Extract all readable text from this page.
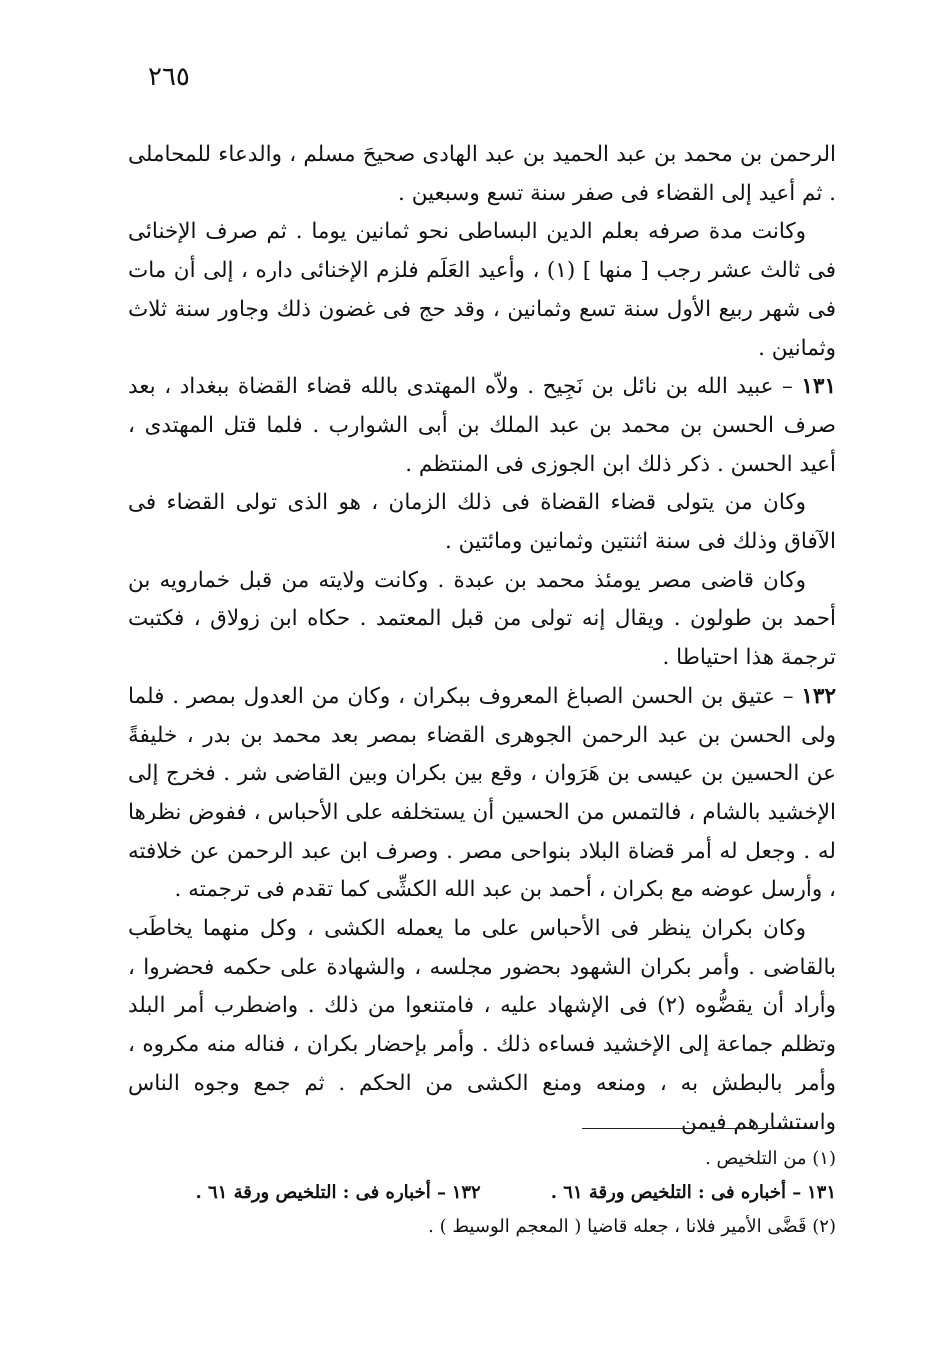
٢٦٥

الرحمن بن محمد بن عبد الحميد بن عبد الهادى صحيحَ مسلم ، والدعاء للمحاملى . ثم أعيد إلى القضاء فى صفر سنة تسع وسبعين .

وكانت مدة صرفه بعلم الدين البساطى نحو ثمانين يوما . ثم صرف الإخنائى فى ثالث عشر رجب [ منها ] (١) ، وأعيد العَلَم فلزم الإخنائى داره ، إلى أن مات فى شهر ربيع الأول سنة تسع وثمانين ، وقد حج فى غضون ذلك وجاور سنة ثلاث وثمانين .

١٣١ – عبيد الله بن نائل بن نَجِيح . ولاّه المهتدى بالله قضاء القضاة ببغداد ، بعد صرف الحسن بن محمد بن عبد الملك بن أبى الشوارب . فلما قتل المهتدى ، أعيد الحسن . ذكر ذلك ابن الجوزى فى المنتظم .

وكان من يتولى قضاء القضاة فى ذلك الزمان ، هو الذى تولى القضاء فى الآفاق وذلك فى سنة اثنتين وثمانين ومائتين .

وكان قاضى مصر يومئذ محمد بن عبدة . وكانت ولايته من قبل خمارويه بن أحمد بن طولون . ويقال إنه تولى من قبل المعتمد . حكاه ابن زولاق ، فكتبت ترجمة هذا احتياطا .

١٣٢ – عتيق بن الحسن الصباغ المعروف ببكران ، وكان من العدول بمصر . فلما ولى الحسن بن عبد الرحمن الجوهرى القضاء بمصر بعد محمد بن بدر ، خليفةً عن الحسين بن عيسى بن هَرَوان ، وقع بين بكران وبين القاضى شر . فخرج إلى الإخشيد بالشام ، فالتمس من الحسين أن يستخلفه على الأحباس ، ففوض نظرها له . وجعل له أمر قضاة البلاد بنواحى مصر . وصرف ابن عبد الرحمن عن خلافته ، وأرسل عوضه مع بكران ، أحمد بن عبد الله الكشِّى كما تقدم فى ترجمته .

وكان بكران ينظر فى الأحباس على ما يعمله الكشى ، وكل منهما يخاطَب بالقاضى . وأمر بكران الشهود بحضور مجلسه ، والشهادة على حكمه فحضروا ، وأراد أن يقضُّوه (٢) فى الإشهاد عليه ، فامتنعوا من ذلك . واضطرب أمر البلد وتظلم جماعة إلى الإخشيد فساءه ذلك . وأمر بإحضار بكران ، فناله منه مكروه ، وأمر بالبطش به ، ومنعه ومنع الكشى من الحكم . ثم جمع وجوه الناس واستشارهم فيمن

(١) من التلخيص .

١٣١ – أخباره فى : التلخيص ورقة ٦١ .
١٣٢ – أخباره فى : التلخيص ورقة ٦١ .

(٢) قَضَّى الأمير فلانا ، جعله قاضيا ( المعجم الوسيط ) .
